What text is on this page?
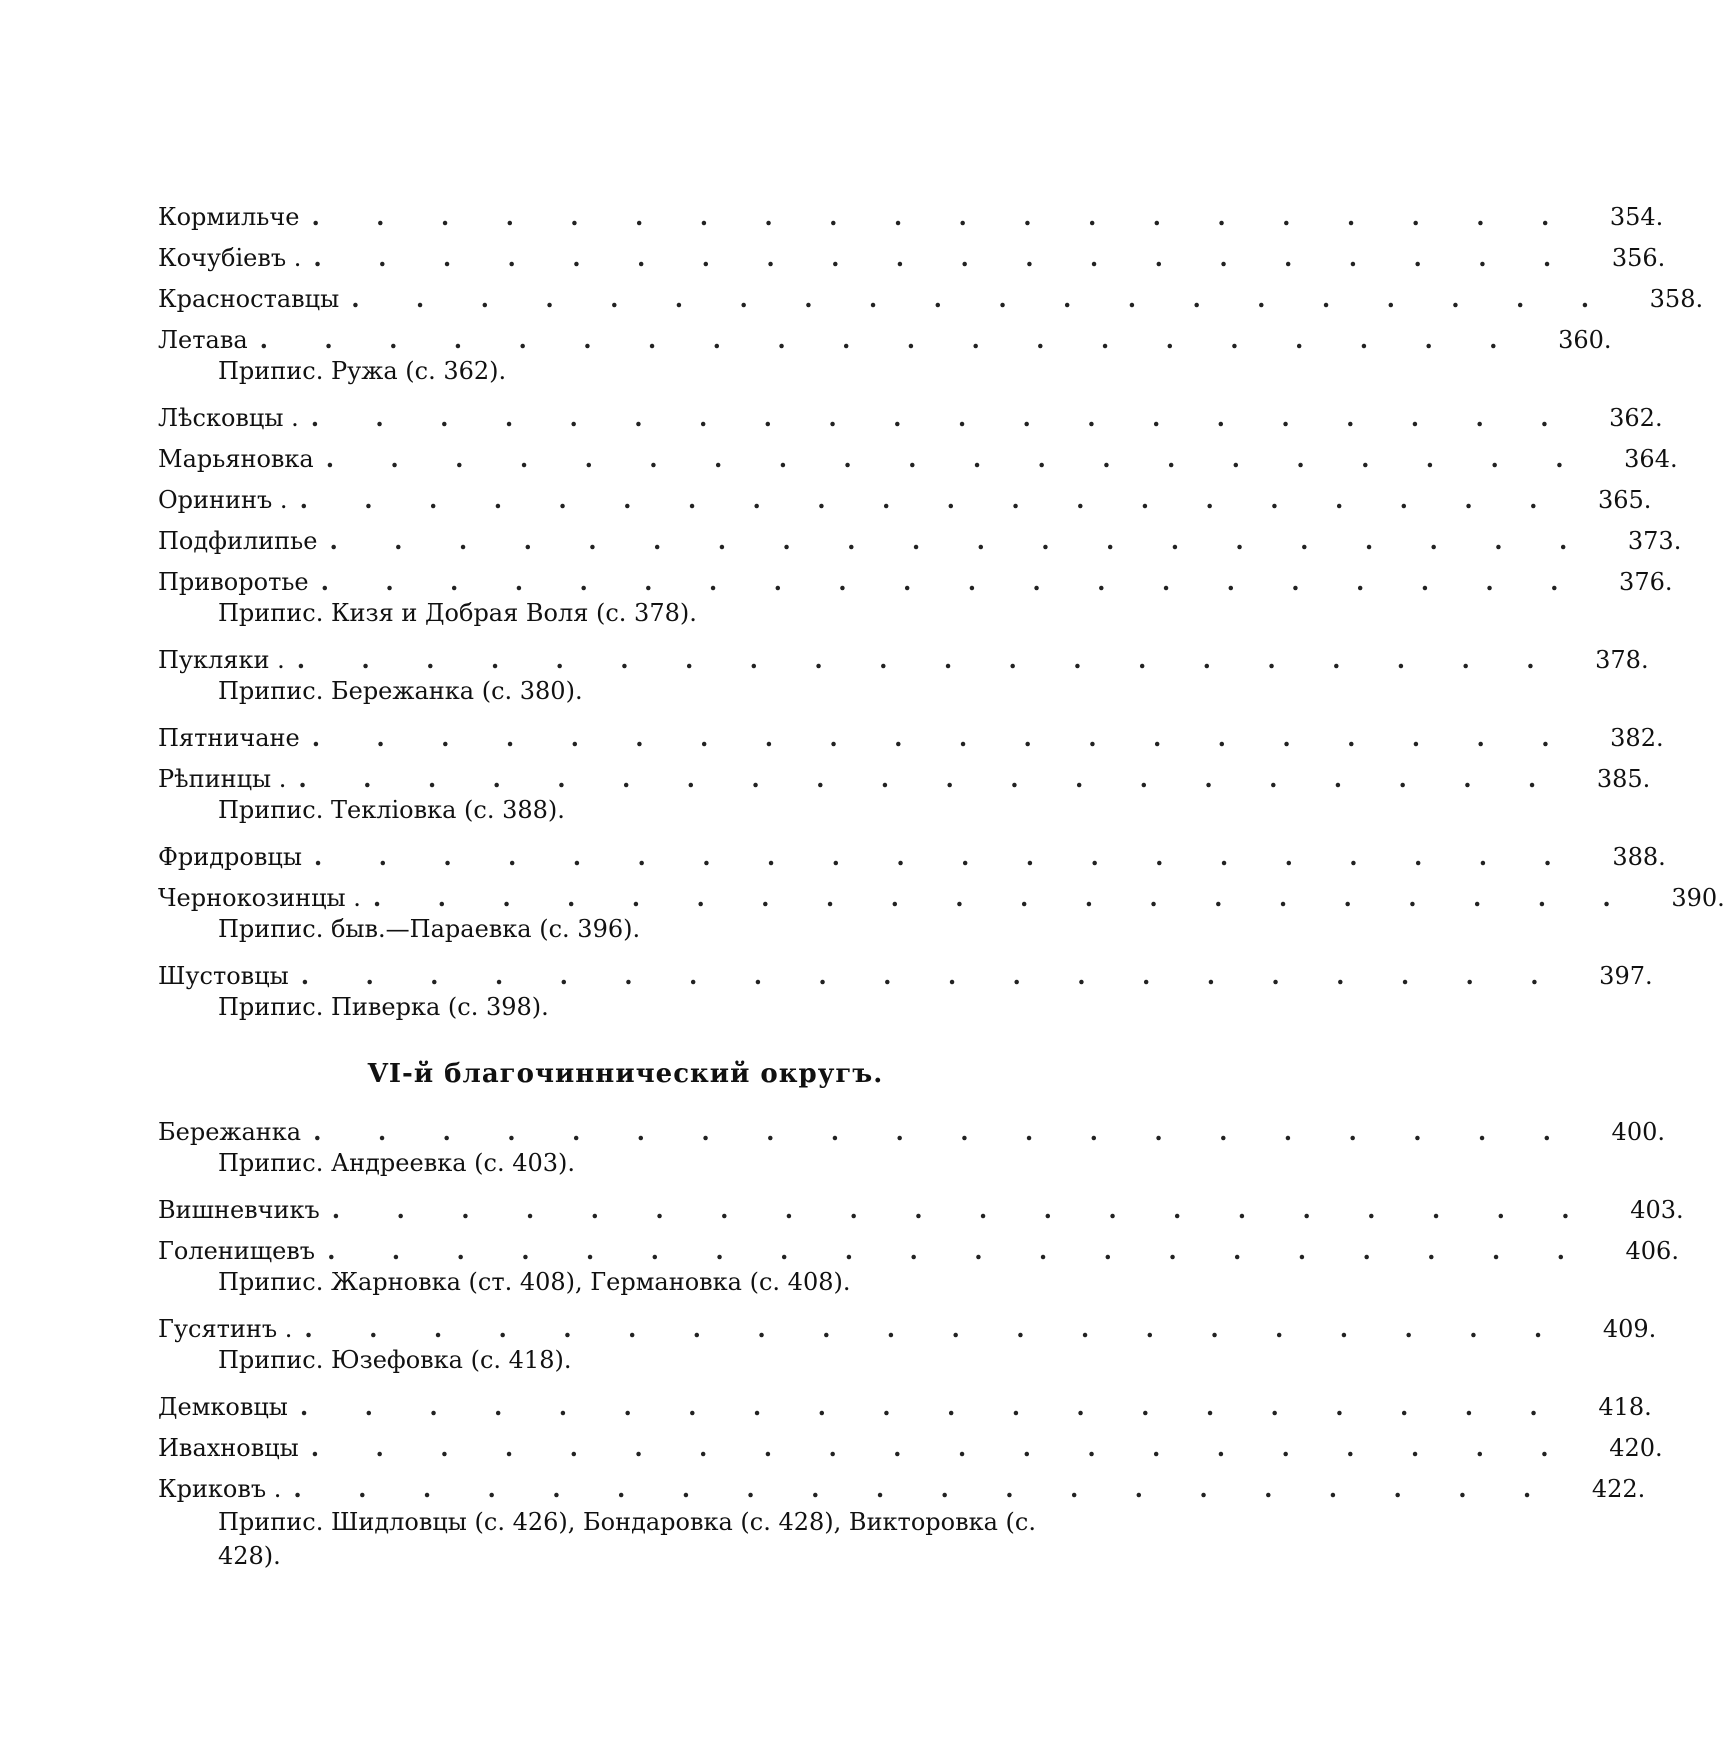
Кормильче . . . . . . . . . . . . . . . . . . . .	354.
Кочубіевъ . . . . . . . . . . . . . . . . . . . . .	356.
Красноставцы . . . . . . . . . . . . . . . . . . . .	358.
Летава . . . . . . . . . . . . . . . . . . . .	360.
Припис. Ружа (с. 362).
Лѣсковцы . . . . . . . . . . . . . . . . . . . . .	362.
Марьяновка . . . . . . . . . . . . . . . . . . . .	364.
Орининъ . . . . . . . . . . . . . . . . . . . . .	365.
Подфилипье . . . . . . . . . . . . . . . . . . . .	373.
Приворотье . . . . . . . . . . . . . . . . . . . .	376.
Припис. Кизя и Добрая Воля (с. 378).
Пукляки . . . . . . . . . . . . . . . . . . . . .	378.
Припис. Бережанка (с. 380).
Пятничане . . . . . . . . . . . . . . . . . . . .	382.
Рѣпинцы . . . . . . . . . . . . . . . . . . . . .	385.
Припис. Текліовка (с. 388).
Фридровцы . . . . . . . . . . . . . . . . . . . .	388.
Чернокозинцы . . . . . . . . . . . . . . . . . . . . .	390.
Припис. быв.—Параевка (с. 396).
Шустовцы . . . . . . . . . . . . . . . . . . . .	397.
Припис. Пиверка (с. 398).
VI-й благочиннический округъ.
Бережанка . . . . . . . . . . . . . . . . . . . .	400.
Припис. Андреевка (с. 403).
Вишневчикъ . . . . . . . . . . . . . . . . . . . .	403.
Голенищевъ . . . . . . . . . . . . . . . . . . . .	406.
Припис. Жарновка (ст. 408), Германовка (с. 408).
Гусятинъ . . . . . . . . . . . . . . . . . . . . .	409.
Припис. Юзефовка (с. 418).
Демковцы . . . . . . . . . . . . . . . . . . . .	418.
Ивахновцы . . . . . . . . . . . . . . . . . . . .	420.
Криковъ . . . . . . . . . . . . . . . . . . . . .	422.
Припис. Шидловцы (с. 426), Бондаровка (с. 428), Викторовка (с. 428).
